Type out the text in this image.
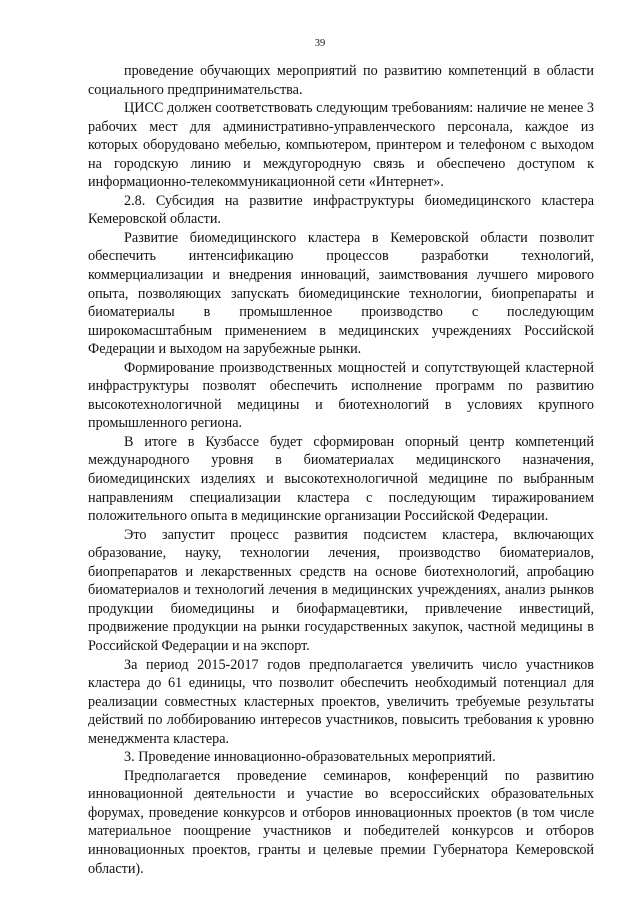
39

проведение обучающих мероприятий по развитию компетенций в области социального предпринимательства.

ЦИСС должен соответствовать следующим требованиям: наличие не менее 3 рабочих мест для административно-управленческого персонала, каждое из которых оборудовано мебелью, компьютером, принтером и телефоном с выходом на городскую линию и междугородную связь и обеспечено доступом к информационно-телекоммуникационной сети «Интернет».

2.8. Субсидия на развитие инфраструктуры биомедицинского кластера Кемеровской области.

Развитие биомедицинского кластера в Кемеровской области позволит обеспечить интенсификацию процессов разработки технологий, коммерциализации и внедрения инноваций, заимствования лучшего мирового опыта, позволяющих запускать биомедицинские технологии, биопрепараты и биоматериалы в промышленное производство с последующим широкомасштабным применением в медицинских учреждениях Российской Федерации и выходом на зарубежные рынки.

Формирование производственных мощностей и сопутствующей кластерной инфраструктуры позволят обеспечить исполнение программ по развитию высокотехнологичной медицины и биотехнологий в условиях крупного промышленного региона.

В итоге в Кузбассе будет сформирован опорный центр компетенций международного уровня в биоматериалах медицинского назначения, биомедицинских изделиях и высокотехнологичной медицине по выбранным направлениям специализации кластера с последующим тиражированием положительного опыта в медицинские организации Российской Федерации.

Это запустит процесс развития подсистем кластера, включающих образование, науку, технологии лечения, производство биоматериалов, биопрепаратов и лекарственных средств на основе биотехнологий, апробацию биоматериалов и технологий лечения в медицинских учреждениях, анализ рынков продукции биомедицины и биофармацевтики, привлечение инвестиций, продвижение продукции на рынки государственных закупок, частной медицины в Российской Федерации и на экспорт.

За период 2015-2017 годов предполагается увеличить число участников кластера до 61 единицы, что позволит обеспечить необходимый потенциал для реализации совместных кластерных проектов, увеличить требуемые результаты действий по лоббированию интересов участников, повысить требования к уровню менеджмента кластера.

3. Проведение инновационно-образовательных мероприятий.

Предполагается проведение семинаров, конференций по развитию инновационной деятельности и участие во всероссийских образовательных форумах, проведение конкурсов и отборов инновационных проектов (в том числе материальное поощрение участников и победителей конкурсов и отборов инновационных проектов, гранты и целевые премии Губернатора Кемеровской области).
